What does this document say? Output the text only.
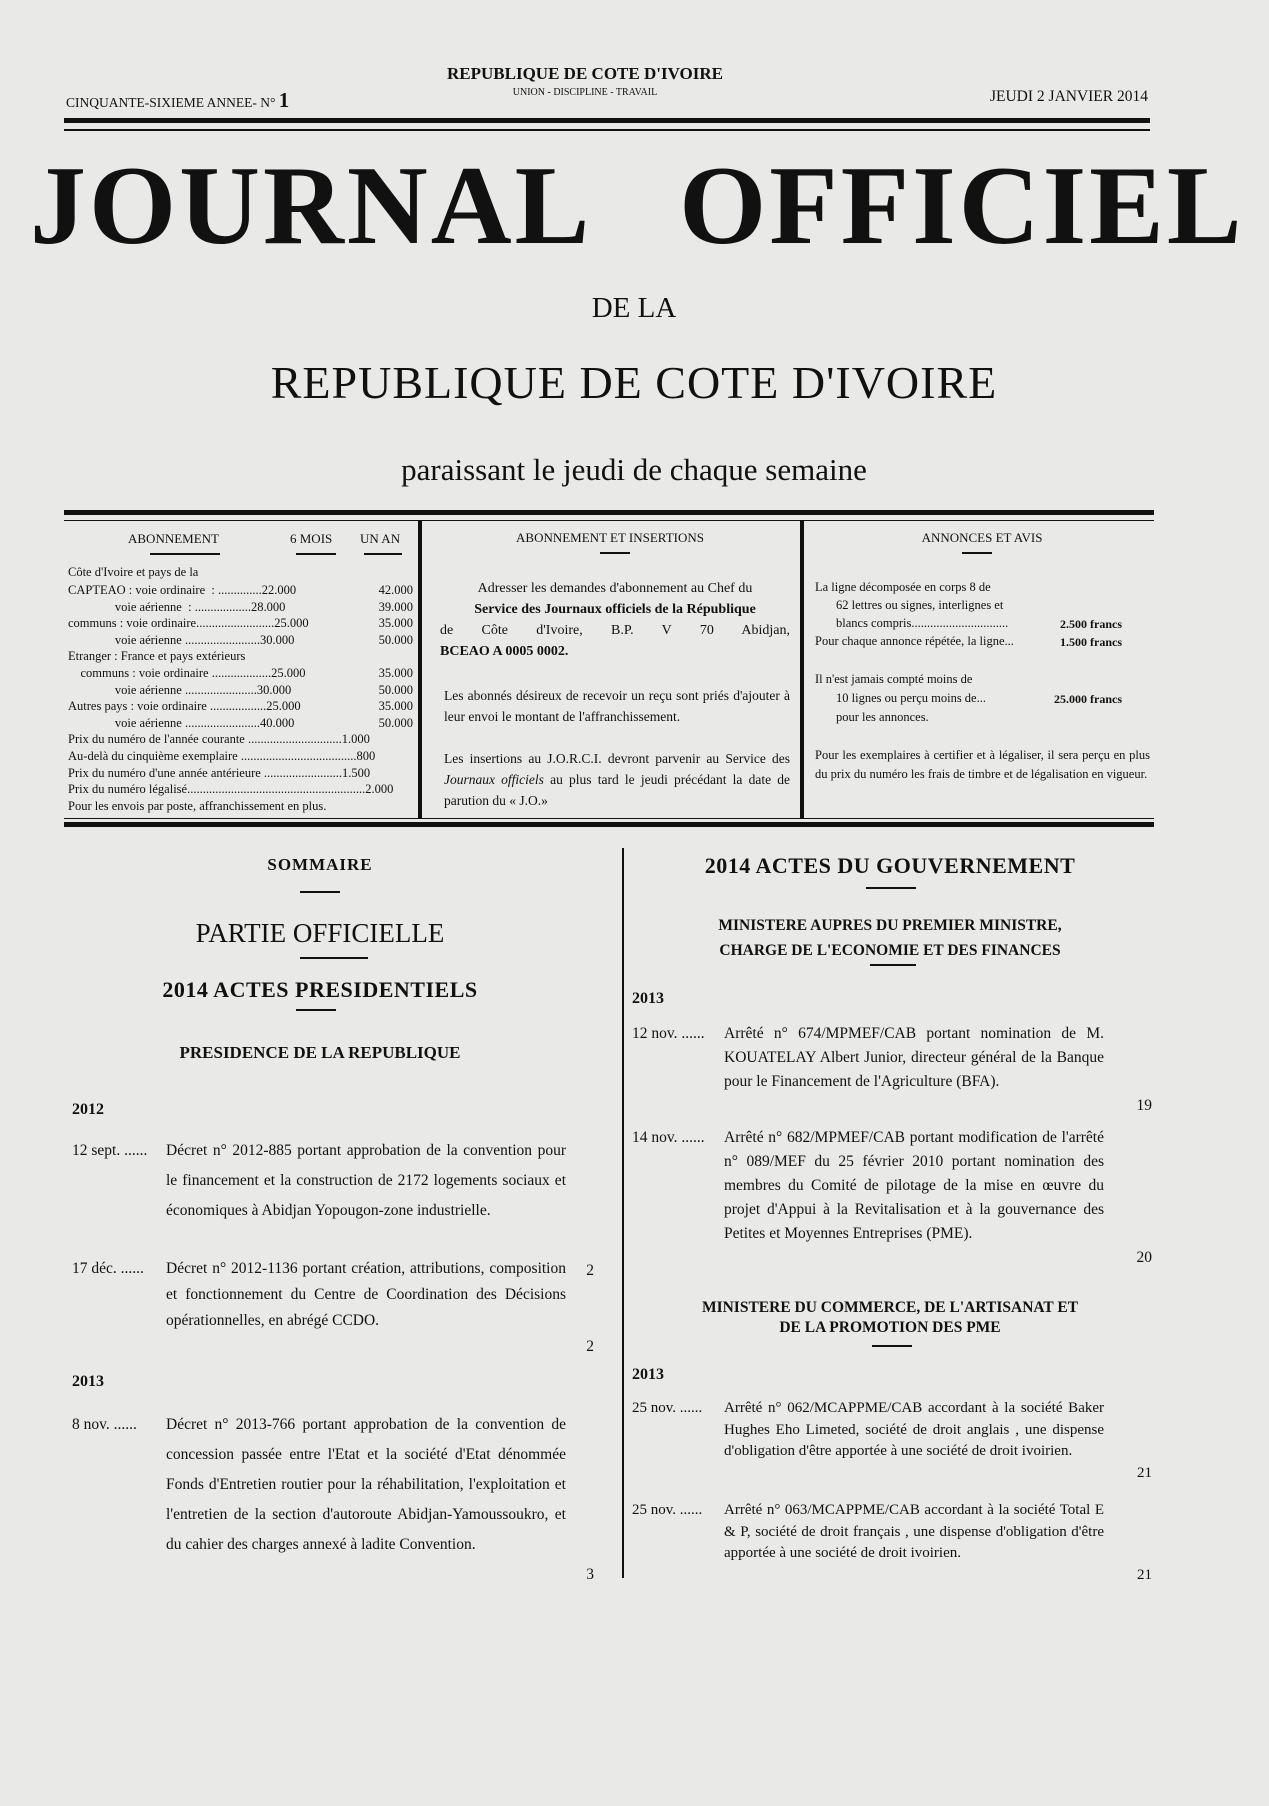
CINQUANTE-SIXIEME ANNEE- N° 1
REPUBLIQUE DE COTE D'IVOIRE
UNION - DISCIPLINE - TRAVAIL	JEUDI 2 JANVIER 2014
JOURNAL   OFFICIEL
DE LA
REPUBLIQUE DE COTE D'IVOIRE
paraissant le jeudi de chaque semaine
ABONNEMENT	6 MOIS UN AN
Côte d'Ivoire et pays de la
CAPTEAO : voie ordinaire  : ..............22.000	42.000
voie aérienne  : ..................28.000	39.000
communs : voie ordinaire.........................25.000	35.000
voie aérienne ........................30.000	50.000
Etranger : France et pays extérieurs
communs : voie ordinaire ...................25.000	35.000
voie aérienne .......................30.000	50.000
Autres pays : voie ordinaire ..................25.000	35.000
voie aérienne ........................40.000	50.000
Prix du numéro de l'année courante ..............................1.000
Au-delà du cinquième exemplaire .....................................800
Prix du numéro d'une année antérieure .........................1.500
Prix du numéro légalisé.........................................................2.000
Pour les envois par poste, affranchissement en plus.
ABONNEMENT ET INSERTIONS
Adresser les demandes d'abonnement au Chef du
Service des Journaux officiels de la République
de Côte d'Ivoire, B.P. V 70 Abidjan,
BCEAO A 0005 0002.
Les abonnés désireux de recevoir un reçu sont priés d'ajouter à leur envoi le montant de l'affranchissement.
Les insertions au J.O.R.C.I. devront parvenir au Service des Journaux officiels au plus tard le jeudi précédant la date de parution du « J.O.»
ANNONCES ET AVIS
La ligne décomposée en corps 8 de
62 lettres ou signes, interlignes et
blancs compris...............................	2.500 francs
Pour chaque annonce répétée, la ligne...	1.500 francs
Il n'est jamais compté moins de
10 lignes ou perçu moins de...	25.000 francs
pour les annonces.
Pour les exemplaires à certifier et à légaliser, il sera perçu en plus du prix du numéro les frais de timbre et de légalisation en vigueur.
SOMMAIRE
PARTIE OFFICIELLE
2014 ACTES PRESIDENTIELS
PRESIDENCE DE LA REPUBLIQUE
2012
2013
12 sept. ...... Décret n° 2012-885 portant approbation de la convention pour le financement et la construction de 2172 logements sociaux et économiques à Abidjan Yopougon-zone industrielle.
2
17 déc. ...... Décret n° 2012-1136 portant création, attributions, composition et fonctionnement du Centre de Coordination des Décisions opérationnelles, en abrégé CCDO.
2
8 nov. ...... Décret n° 2013-766 portant approbation de la convention de concession passée entre l'Etat et la société d'Etat dénommée Fonds d'Entretien routier pour la réhabilitation, l'exploitation et l'entretien de la section d'autoroute Abidjan-Yamoussoukro, et du cahier des charges annexé à ladite Convention.
3
2014 ACTES DU GOUVERNEMENT
MINISTERE AUPRES DU PREMIER MINISTRE,
CHARGE DE L'ECONOMIE ET DES FINANCES
2013
MINISTERE DU COMMERCE, DE L'ARTISANAT ET
DE LA PROMOTION DES PME
2013
12 nov. ...... Arrêté n° 674/MPMEF/CAB portant nomination de M. KOUATELAY Albert Junior, directeur général de la Banque pour le Financement de l'Agriculture (BFA).
19
14 nov. ...... Arrêté n° 682/MPMEF/CAB portant modification de l'arrêté n° 089/MEF du 25 février 2010 portant nomination des membres du Comité de pilotage de la mise en œuvre du projet d'Appui à la Revitalisation et à la gouvernance des Petites et Moyennes Entreprises (PME).
20
25 nov. ...... Arrêté n° 062/MCAPPME/CAB accordant à la société Baker Hughes Eho Limeted, société de droit anglais , une dispense d'obligation d'être apportée à une société de droit ivoirien.
21
25 nov. ...... Arrêté n° 063/MCAPPME/CAB accordant à la société Total E & P, société de droit français , une dispense d'obligation d'être apportée à une société de droit ivoirien.
21
